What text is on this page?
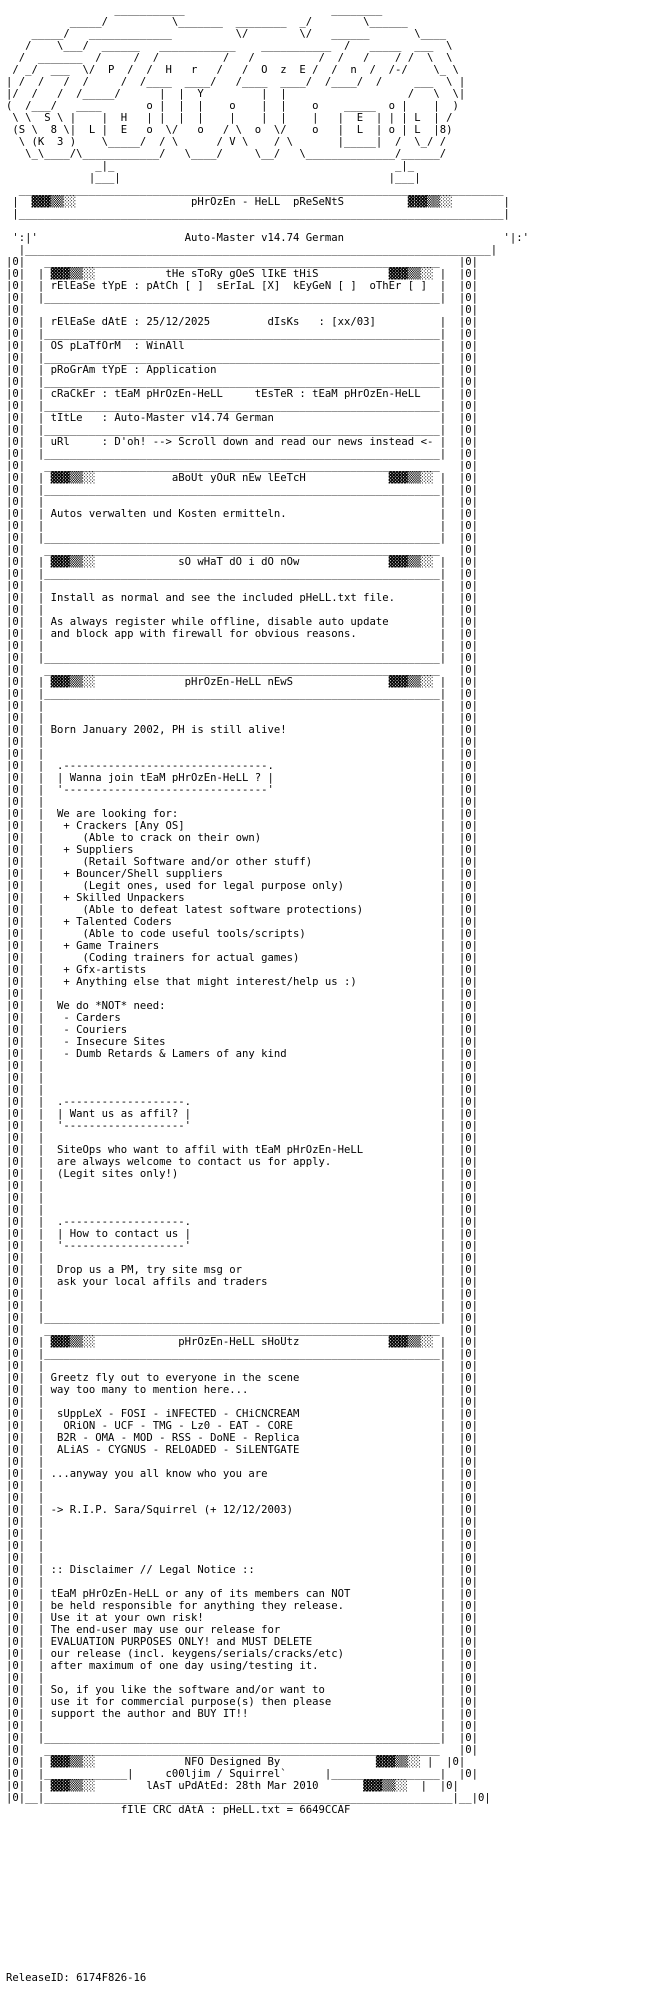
___________                       ________
_____/          \_______  ________  _/        \______
_____/   _____________          \/        \/   ______       \____
/    \___/  ______   ____________    ___________  /   _____  ___  \
/  _______  /     /  /          /   /          /  /   /    / /  \  \
/ _/  ___  \/  P  /  /  H   r   /   /  O  z  E /  /  n  /  /-/    \_ \
| /  /   /  /     /  /____  ____/   /____  ____/  /____/  /     ___  \ |
|/  /   /  /_____/      |  |  Y         |  |                   /   \  \|
(  /___/   ____       o |  |  |    o    |  |    o    _____  o |    |  )
\ \  S \ |    |  H   | |  |  |    |    |  |    |   |  E  | | | L  | /
(S \  8 \|  L |  E   o  \/   o   / \  o  \/    o   |  L  | o | L  |8)
\ (K  3 )    \_____/  / \      / V \    / \       |_____|  /  \_/ /
\_\____/\____________/   \____/     \__/   \______________/______/
_|_                                            _|_
|___|                                          |___|
____________________________________________________________________________
|  ▓▓▓▒▒░░                  pHrOzEn - HeLL  pReSeNtS          ▓▓▓▒▒░░        |
|____________________________________________________________________________|

':|'                       Auto-Master v14.74 German                         '|:'
|_________________________________________________________________________|
|0|   ______________________________________________________________   |0|
|0|  | ▓▓▓▒▒░░           tHe sToRy gOeS lIkE tHiS           ▓▓▓▒▒░░ |  |0|
|0|  | rElEaSe tYpE : pAtCh [ ]  sErIaL [X]  kEyGeN [ ]  oThEr [ ]  |  |0|
|0|  |______________________________________________________________|  |0|
|0|                                                                    |0|
|0|  | rElEaSe dAtE : 25/12/2025         dIsKs   : [xx/03]          |  |0|
|0|  |______________________________________________________________|  |0|
|0|  | OS pLaTfOrM  : WinAll                                        |  |0|
|0|  |______________________________________________________________|  |0|
|0|  | pRoGrAm tYpE : Application                                   |  |0|
|0|  |______________________________________________________________|  |0|
|0|  | cRaCkEr : tEaM pHrOzEn-HeLL     tEsTeR : tEaM pHrOzEn-HeLL   |  |0|
|0|  |______________________________________________________________|  |0|
|0|  | tItLe   : Auto-Master v14.74 German                          |  |0|
|0|  |______________________________________________________________|  |0|
|0|  | uRl     : D'oh! --> Scroll down and read our news instead <- |  |0|
|0|  |______________________________________________________________|  |0|
|0|   ______________________________________________________________   |0|
|0|  | ▓▓▓▒▒░░            aBoUt yOuR nEw lEeTcH             ▓▓▓▒▒░░ |  |0|
|0|  |______________________________________________________________|  |0|
|0|  |                                                              |  |0|
|0|  | Autos verwalten und Kosten ermitteln.                        |  |0|
|0|  |                                                              |  |0|
|0|  |______________________________________________________________|  |0|
|0|   ______________________________________________________________   |0|
|0|  | ▓▓▓▒▒░░             sO wHaT dO i dO nOw              ▓▓▓▒▒░░ |  |0|
|0|  |______________________________________________________________|  |0|
|0|  |                                                              |  |0|
|0|  | Install as normal and see the included pHeLL.txt file.       |  |0|
|0|  |                                                              |  |0|
|0|  | As always register while offline, disable auto update        |  |0|
|0|  | and block app with firewall for obvious reasons.             |  |0|
|0|  |                                                              |  |0|
|0|  |______________________________________________________________|  |0|
|0|   ______________________________________________________________   |0|
|0|  | ▓▓▓▒▒░░              pHrOzEn-HeLL nEwS               ▓▓▓▒▒░░ |  |0|
|0|  |______________________________________________________________|  |0|
|0|  |                                                              |  |0|
|0|  |                                                              |  |0|
|0|  | Born January 2002, PH is still alive!                        |  |0|
|0|  |                                                              |  |0|
|0|  |                                                              |  |0|
|0|  |  .--------------------------------.                          |  |0|
|0|  |  | Wanna join tEaM pHrOzEn-HeLL ? |                          |  |0|
|0|  |  '--------------------------------'                          |  |0|
|0|  |                                                              |  |0|
|0|  |  We are looking for:                                         |  |0|
|0|  |   + Crackers [Any OS]                                        |  |0|
|0|  |      (Able to crack on their own)                            |  |0|
|0|  |   + Suppliers                                                |  |0|
|0|  |      (Retail Software and/or other stuff)                    |  |0|
|0|  |   + Bouncer/Shell suppliers                                  |  |0|
|0|  |      (Legit ones, used for legal purpose only)               |  |0|
|0|  |   + Skilled Unpackers                                        |  |0|
|0|  |      (Able to defeat latest software protections)            |  |0|
|0|  |   + Talented Coders                                          |  |0|
|0|  |      (Able to code useful tools/scripts)                     |  |0|
|0|  |   + Game Trainers                                            |  |0|
|0|  |      (Coding trainers for actual games)                      |  |0|
|0|  |   + Gfx-artists                                              |  |0|
|0|  |   + Anything else that might interest/help us :)             |  |0|
|0|  |                                                              |  |0|
|0|  |  We do *NOT* need:                                           |  |0|
|0|  |   - Carders                                                  |  |0|
|0|  |   - Couriers                                                 |  |0|
|0|  |   - Insecure Sites                                           |  |0|
|0|  |   - Dumb Retards & Lamers of any kind                        |  |0|
|0|  |                                                              |  |0|
|0|  |                                                              |  |0|
|0|  |                                                              |  |0|
|0|  |  .-------------------.                                       |  |0|
|0|  |  | Want us as affil? |                                       |  |0|
|0|  |  '-------------------'                                       |  |0|
|0|  |                                                              |  |0|
|0|  |  SiteOps who want to affil with tEaM pHrOzEn-HeLL            |  |0|
|0|  |  are always welcome to contact us for apply.                 |  |0|
|0|  |  (Legit sites only!)                                         |  |0|
|0|  |                                                              |  |0|
|0|  |                                                              |  |0|
|0|  |                                                              |  |0|
|0|  |  .-------------------.                                       |  |0|
|0|  |  | How to contact us |                                       |  |0|
|0|  |  '-------------------'                                       |  |0|
|0|  |                                                              |  |0|
|0|  |  Drop us a PM, try site msg or                               |  |0|
|0|  |  ask your local affils and traders                           |  |0|
|0|  |                                                              |  |0|
|0|  |                                                              |  |0|
|0|  |______________________________________________________________|  |0|
|0|   ______________________________________________________________   |0|
|0|  | ▓▓▓▒▒░░             pHrOzEn-HeLL sHoUtz              ▓▓▓▒▒░░ |  |0|
|0|  |______________________________________________________________|  |0|
|0|  |                                                              |  |0|
|0|  | Greetz fly out to everyone in the scene                      |  |0|
|0|  | way too many to mention here...                              |  |0|
|0|  |                                                              |  |0|
|0|  |  sUppLeX - FOSI - iNFECTED - CHiCNCREAM                      |  |0|
|0|  |   ORiON - UCF - TMG - Lz0 - EAT - CORE                       |  |0|
|0|  |  B2R - OMA - MOD - RSS - DoNE - Replica                      |  |0|
|0|  |  ALiAS - CYGNUS - RELOADED - SiLENTGATE                      |  |0|
|0|  |                                                              |  |0|
|0|  | ...anyway you all know who you are                           |  |0|
|0|  |                                                              |  |0|
|0|  |                                                              |  |0|
|0|  | -> R.I.P. Sara/Squirrel (+ 12/12/2003)                       |  |0|
|0|  |                                                              |  |0|
|0|  |                                                              |  |0|
|0|  |                                                              |  |0|
|0|  |                                                              |  |0|
|0|  | :: Disclaimer // Legal Notice ::                             |  |0|
|0|  |                                                              |  |0|
|0|  | tEaM pHrOzEn-HeLL or any of its members can NOT              |  |0|
|0|  | be held responsible for anything they release.               |  |0|
|0|  | Use it at your own risk!                                     |  |0|
|0|  | The end-user may use our release for                         |  |0|
|0|  | EVALUATION PURPOSES ONLY! and MUST DELETE                    |  |0|
|0|  | our release (incl. keygens/serials/cracks/etc)               |  |0|
|0|  | after maximum of one day using/testing it.                   |  |0|
|0|  |                                                              |  |0|
|0|  | So, if you like the software and/or want to                  |  |0|
|0|  | use it for commercial purpose(s) then please                 |  |0|
|0|  | support the author and BUY IT!!                              |  |0|
|0|  |                                                              |  |0|
|0|  |______________________________________________________________|  |0|
|0|   ______________________________________________________________   |0|
|0|  | ▓▓▓▒▒░░              NFO Designed By               ▓▓▓▒▒░░ |  |0|
|0|  |_____________|     c00ljim / Squirrel`      |_________________|  |0|
|0|  | ▓▓▓▒▒░░        lAsT uPdAtEd: 28th Mar 2010       ▓▓▓▒▒░░  |  |0|
|0|__|________________________________________________________________|__|0|
fIlE CRC dAtA : pHeLL.txt = 6649CCAF

ReleaseID: 6174F826-16
